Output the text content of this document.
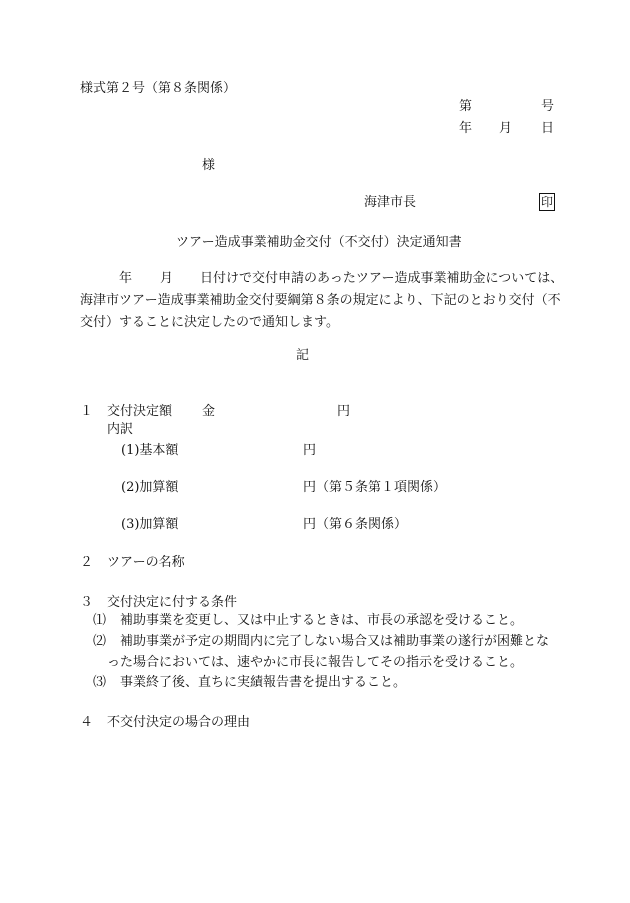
様式第２号（第８条関係）
第	号
年 月 日
様
海津市長	印
ツアー造成事業補助金交付（不交付）決定通知書
年 月 日付けで交付申請のあったツアー造成事業補助金については、
海津市ツアー造成事業補助金交付要綱第８条の規定により、下記のとおり交付（不
交付）することに決定したので通知します。
記
１ 交付決定額 金	円
内訳
(1)基本額	円
(2)加算額	円（第５条第１項関係）
(3)加算額	円（第６条関係）
２ ツアーの名称
３ 交付決定に付する条件
⑴ 補助事業を変更し、又は中止するときは、市長の承認を受けること。
⑵ 補助事業が予定の期間内に完了しない場合又は補助事業の遂行が困難とな
った場合においては、速やかに市長に報告してその指示を受けること。
⑶ 事業終了後、直ちに実績報告書を提出すること。
４ 不交付決定の場合の理由
